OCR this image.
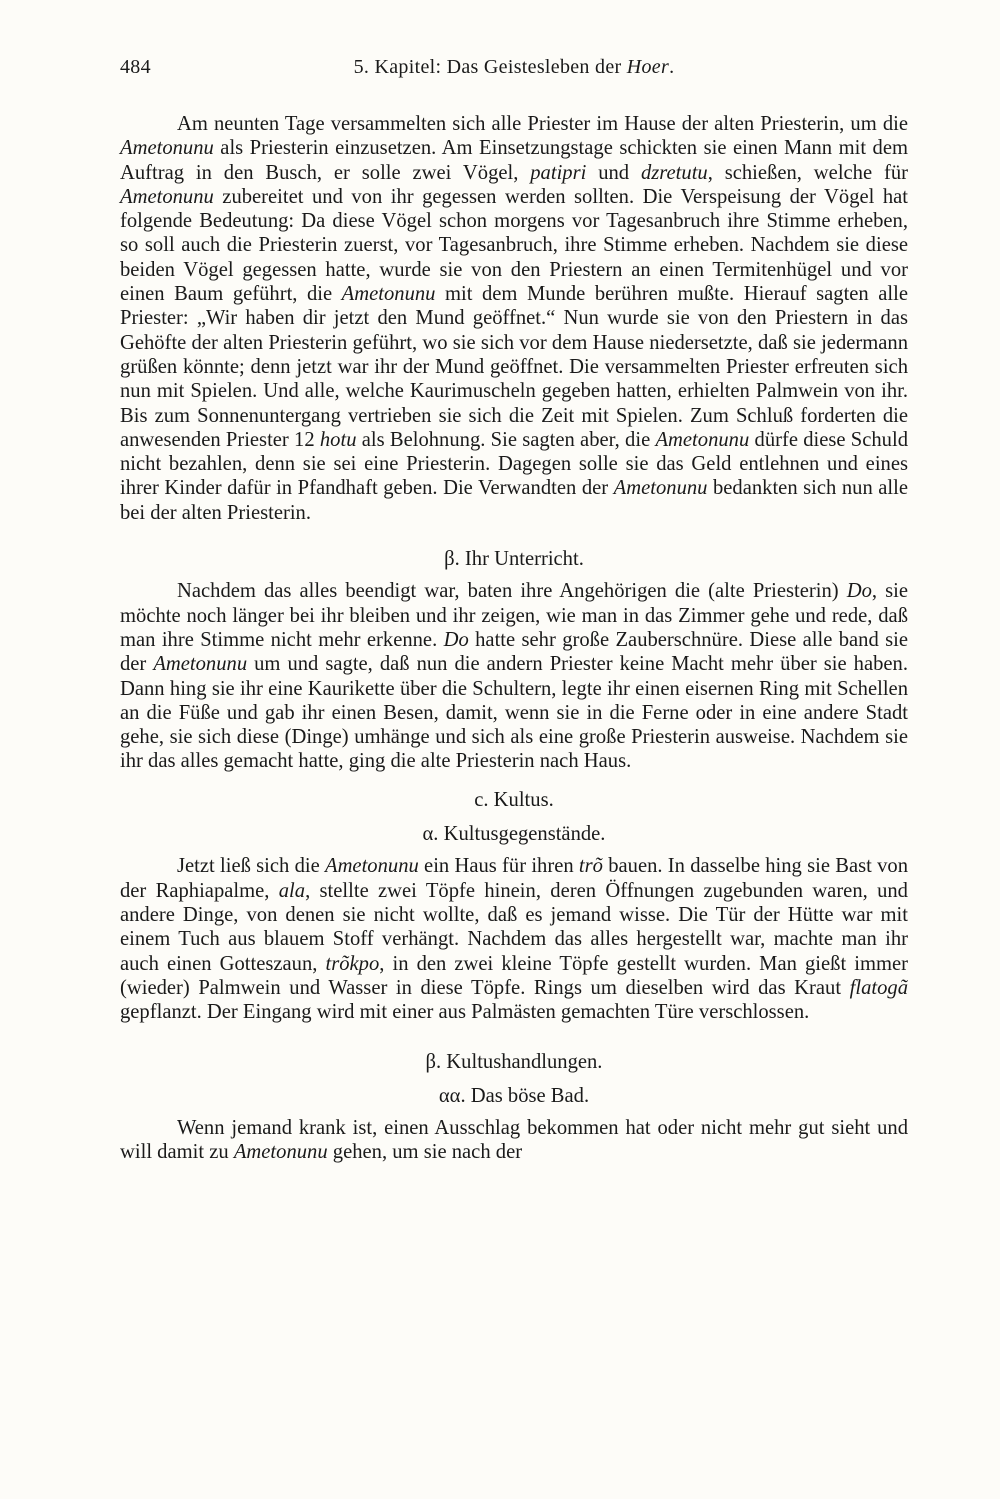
484	5. Kapitel: Das Geistesleben der Hoer.

Am neunten Tage versammelten sich alle Priester im Hause der alten Priesterin, um die Ametonunu als Priesterin einzusetzen. Am Einsetzungstage schickten sie einen Mann mit dem Auftrag in den Busch, er solle zwei Vögel, patipri und dzretutu, schießen, welche für Ametonunu zubereitet und von ihr gegessen werden sollten. Die Verspeisung der Vögel hat folgende Bedeutung: Da diese Vögel schon morgens vor Tagesanbruch ihre Stimme erheben, so soll auch die Priesterin zuerst, vor Tagesanbruch, ihre Stimme erheben. Nachdem sie diese beiden Vögel gegessen hatte, wurde sie von den Priestern an einen Termitenhügel und vor einen Baum geführt, die Ametonunu mit dem Munde berühren mußte. Hierauf sagten alle Priester: „Wir haben dir jetzt den Mund geöffnet.“ Nun wurde sie von den Priestern in das Gehöfte der alten Priesterin geführt, wo sie sich vor dem Hause niedersetzte, daß sie jedermann grüßen könnte; denn jetzt war ihr der Mund geöffnet. Die versammelten Priester erfreuten sich nun mit Spielen. Und alle, welche Kaurimuscheln gegeben hatten, erhielten Palmwein von ihr. Bis zum Sonnenuntergang vertrieben sie sich die Zeit mit Spielen. Zum Schluß forderten die anwesenden Priester 12 hotu als Belohnung. Sie sagten aber, die Ametonunu dürfe diese Schuld nicht bezahlen, denn sie sei eine Priesterin. Dagegen solle sie das Geld entlehnen und eines ihrer Kinder dafür in Pfandhaft geben. Die Verwandten der Ametonunu bedankten sich nun alle bei der alten Priesterin.

β. Ihr Unterricht.

Nachdem das alles beendigt war, baten ihre Angehörigen die (alte Priesterin) Do, sie möchte noch länger bei ihr bleiben und ihr zeigen, wie man in das Zimmer gehe und rede, daß man ihre Stimme nicht mehr erkenne. Do hatte sehr große Zauberschnüre. Diese alle band sie der Ametonunu um und sagte, daß nun die andern Priester keine Macht mehr über sie haben. Dann hing sie ihr eine Kaurikette über die Schultern, legte ihr einen eisernen Ring mit Schellen an die Füße und gab ihr einen Besen, damit, wenn sie in die Ferne oder in eine andere Stadt gehe, sie sich diese (Dinge) umhänge und sich als eine große Priesterin ausweise. Nachdem sie ihr das alles gemacht hatte, ging die alte Priesterin nach Haus.

c. Kultus.
α. Kultusgegenstände.

Jetzt ließ sich die Ametonunu ein Haus für ihren trõ bauen. In dasselbe hing sie Bast von der Raphiapalme, ala, stellte zwei Töpfe hinein, deren Öffnungen zugebunden waren, und andere Dinge, von denen sie nicht wollte, daß es jemand wisse. Die Tür der Hütte war mit einem Tuch aus blauem Stoff verhängt. Nachdem das alles hergestellt war, machte man ihr auch einen Gotteszaun, trõkpo, in den zwei kleine Töpfe gestellt wurden. Man gießt immer (wieder) Palmwein und Wasser in diese Töpfe. Rings um dieselben wird das Kraut flatogã gepflanzt. Der Eingang wird mit einer aus Palmästen gemachten Türe verschlossen.

β. Kultushandlungen.
αα. Das böse Bad.

Wenn jemand krank ist, einen Ausschlag bekommen hat oder nicht mehr gut sieht und will damit zu Ametonunu gehen, um sie nach der
